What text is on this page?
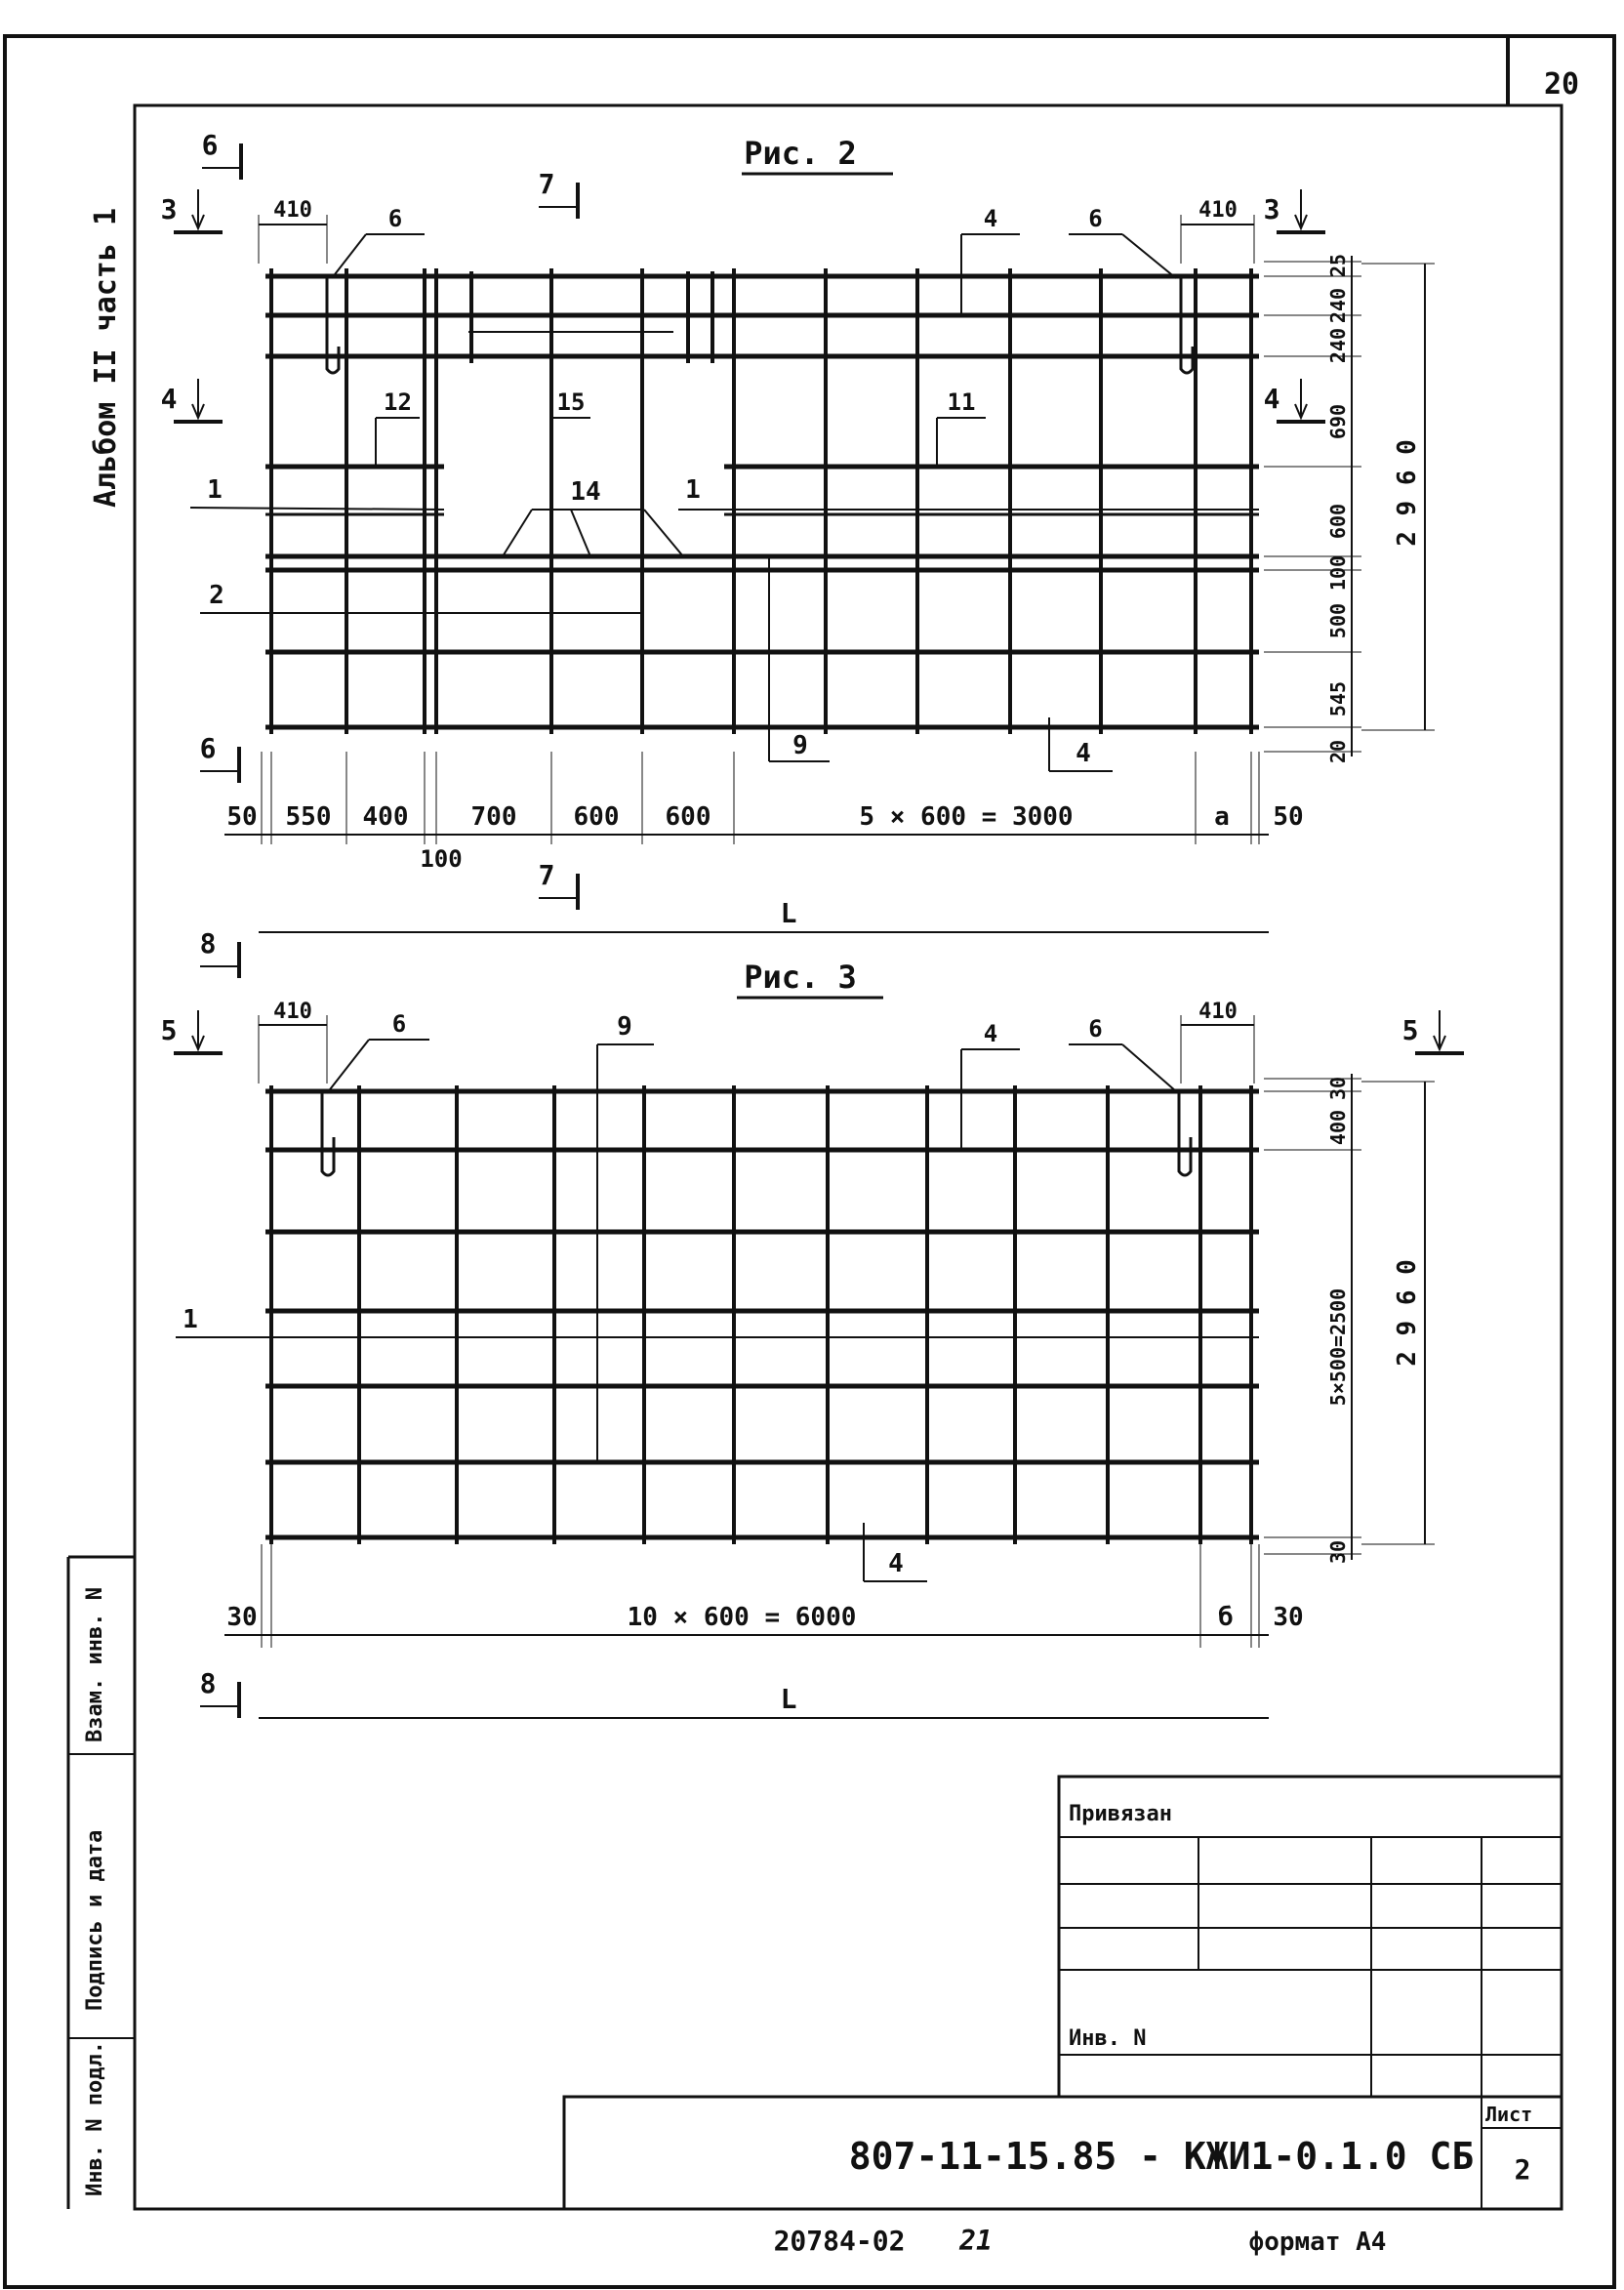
20
Альбом II часть 1
Инв. N подл.
Подпись и дата
Взам. инв. N
Привязан
Инв. N
Лист
2
807-11-15.85 - КЖИ1-0.1.0 СБ
20784-02 21	формат А4
Рис. 2
6
3
7
3
4	4
6
7
410	410
6	4	6
15
12	11
1	14	1
2
9	4
25
240
240
690
600
100
500
545
20
2 9 6 0
50 550 400 700 600 600	5 × 600 = 3000	a 50
100
L
Рис. 3
8
5	5
8
410	410
6	9	4	6
1
4
30
400
5×500=2500
30
2 9 6 0
30	10 × 600 = 6000	б 30
L
